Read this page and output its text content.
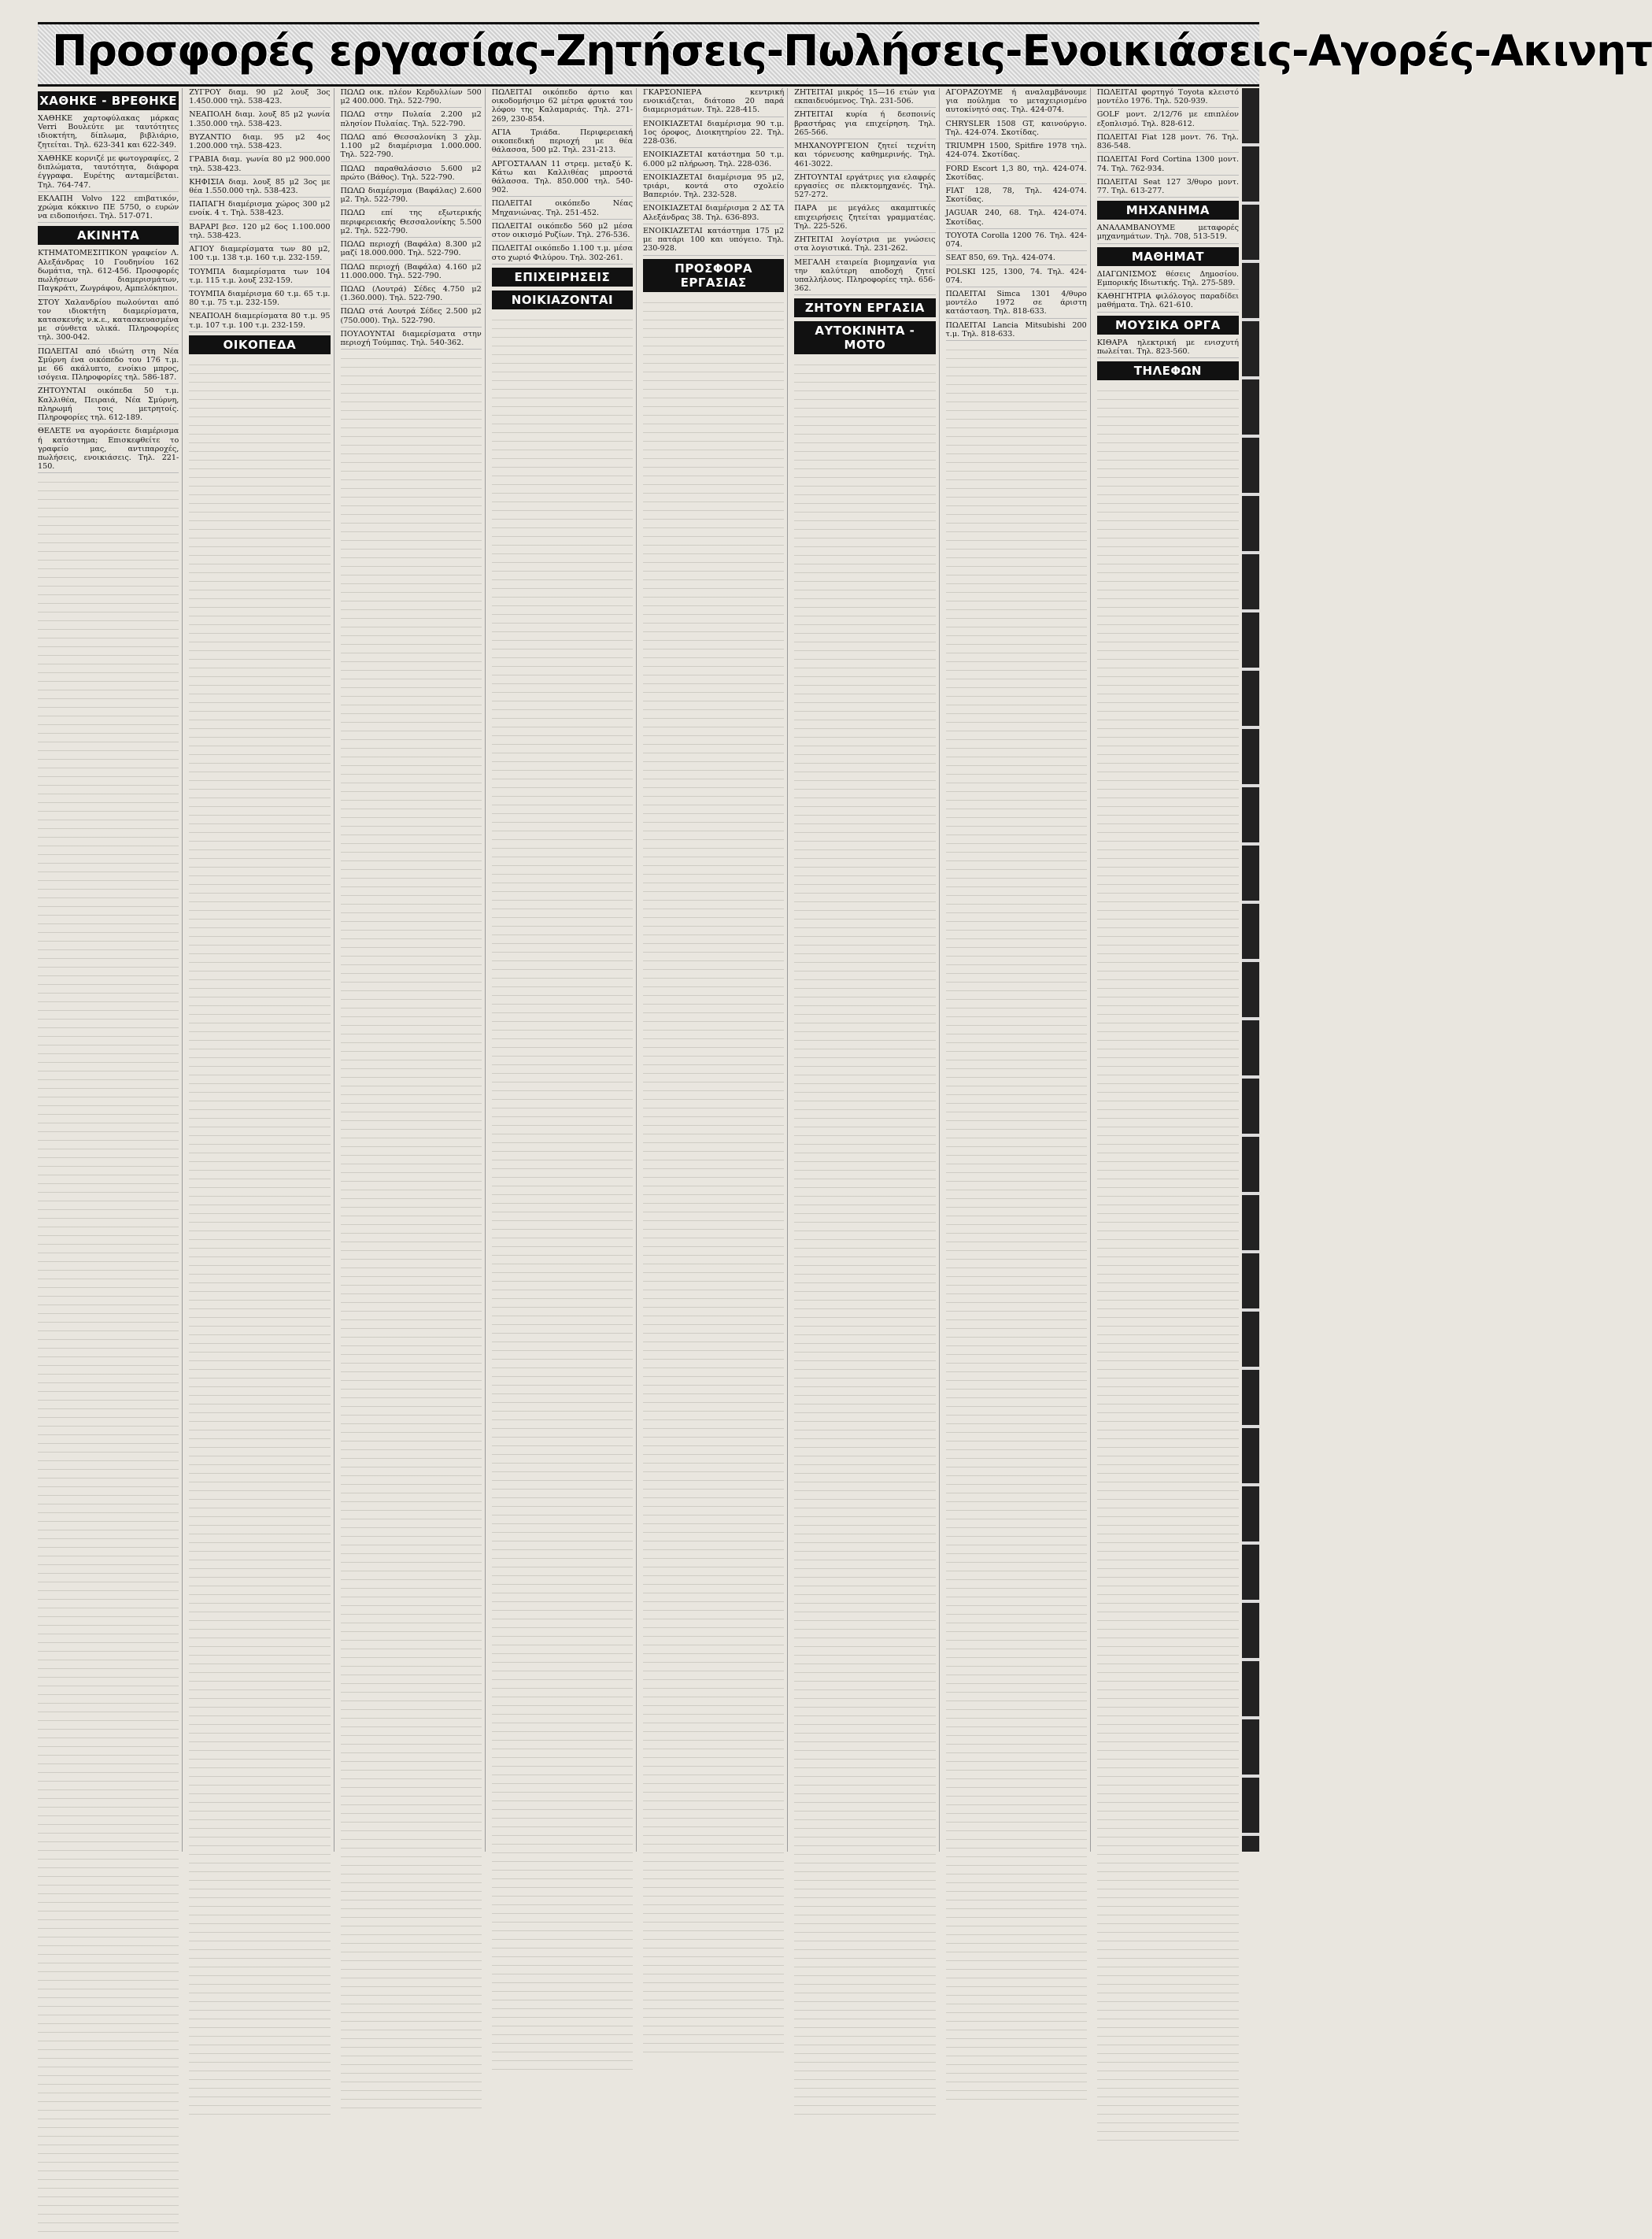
Προσφορές εργασίας-Ζητήσεις-Πωλήσεις-Ενοικιάσεις-Αγορές-Ακινητ
ΧΑΘΗΚΕ - ΒΡΕΘΗΚΕ

ΧΑΘΗΚΕ χαρτοφύλακας μάρκας Verri Βουλεύτε με ταυτότητες ιδιοκτήτη, δίπλωμα, βιβλιάριο, ζητείται. Τηλ. 623-341 και 622-349.

ΧΑΘΗΚΕ κορνιζέ με φωτογραφίες, 2 διπλώματα, ταυτότητα, διάφορα έγγραφα. Ευρέτης ανταμείβεται. Τηλ. 764-747.

ΕΚΛΑΠΗ Volvo 122 επιβατικόν, χρώμα κόκκινο ΠΕ 5750, ο ευρών να ειδοποιήσει. Τηλ. 517-071.

ΑΚΙΝΗΤΑ

ΚΤΗΜΑΤΟΜΕΣΙΤΙΚΟΝ γραφείον Λ. Αλεξάνδρας 10 Γουδηνίου 162 δωμάτια, τηλ. 612-456. Προσφορές πωλήσεων διαμερισμάτων, Παγκράτι, Ζωγράφου, Αμπελόκηποι.

ΣΤΟΥ Χαλανδρίου πωλούνται από τον ιδιοκτήτη διαμερίσματα, κατασκευής ν.κ.ε., κατασκευασμένα με σύνθετα υλικά. Πληροφορίες τηλ. 300-042.

ΠΩΛΕΙΤΑΙ από ιδιώτη στη Νέα Σμύρνη ένα οικόπεδο του 176 τ.μ. με 66 ακάλυπτο, ενοίκιο μπρος, ισόγεια. Πληροφορίες τηλ. 586-187.

ΖΗΤΟΥΝΤΑΙ οικόπεδα 50 τ.μ. Καλλιθέα, Πειραιά, Νέα Σμύρνη, πληρωμή τοις μετρητοίς. Πληροφορίες τηλ. 612-189.

ΘΕΛΕΤΕ να αγοράσετε διαμέρισμα ή κατάστημα; Επισκεφθείτε το γραφείο μας, αντιπαροχές, πωλήσεις, ενοικιάσεις. Τηλ. 221-150.

ΖΥΓΡΟΥ διαμ. 90 μ2 λουξ 3ος 1.450.000 τηλ. 538-423.

ΝΕΑΠΟΛΗ διαμ. λουξ 85 μ2 γωνία 1.350.000 τηλ. 538-423.

ΒΥΖΑΝΤΙΟ διαμ. 95 μ2 4ος 1.200.000 τηλ. 538-423.

ΓΡΑΒΙΑ διαμ. γωνία 80 μ2 900.000 τηλ. 538-423.

ΚΗΦΙΣΙΑ διαμ. λουξ 85 μ2 3ος με θέα 1.550.000 τηλ. 538-423.

ΠΑΠΑΓΗ διαμέρισμα χώρος 300 μ2 ενοίκ. 4 τ. Τηλ. 538-423.

ΒΑΡΑΡΙ βεσ. 120 μ2 6ος 1.100.000 τηλ. 538-423.

ΑΓΙΟΥ διαμερίσματα των 80 μ2, 100 τ.μ. 138 τ.μ. 160 τ.μ. 232-159.

ΤΟΥΜΠΑ διαμερίσματα των 104 τ.μ. 115 τ.μ. λουξ 232-159.

ΤΟΥΜΠΑ διαμέρισμα 60 τ.μ. 65 τ.μ. 80 τ.μ. 75 τ.μ. 232-159.

ΝΕΑΠΟΛΗ διαμερίσματα 80 τ.μ. 95 τ.μ. 107 τ.μ. 100 τ.μ. 232-159.

ΟΙΚΟΠΕΔΑ

ΠΩΛΩ οικ. πλέον Κερδυλλίων 500 μ2 400.000. Τηλ. 522-790.

ΠΩΛΩ στην Πυλαία 2.200 μ2 πλησίον Πυλαίας. Τηλ. 522-790.

ΠΩΛΩ από Θεσσαλονίκη 3 χλμ. 1.100 μ2 διαμέρισμα 1.000.000. Τηλ. 522-790.

ΠΩΛΩ παραθαλάσσιο 5.600 μ2 πρώτο (Βάθος). Τηλ. 522-790.

ΠΩΛΩ διαμέρισμα (Βαφάλας) 2.600 μ2. Τηλ. 522-790.

ΠΩΛΩ επί της εξωτερικής περιφερειακής Θεσσαλονίκης 5.500 μ2. Τηλ. 522-790.

ΠΩΛΩ περιοχή (Βαφάλα) 8.300 μ2 μαζί 18.000.000. Τηλ. 522-790.

ΠΩΛΩ περιοχή (Βαφάλα) 4.160 μ2 11.000.000. Τηλ. 522-790.

ΠΩΛΩ (Λουτρά) Σέδες 4.750 μ2 (1.360.000). Τηλ. 522-790.

ΠΩΛΩ στά Λουτρά Σέδες 2.500 μ2 (750.000). Τηλ. 522-790.

ΠΟΥΛΟΥΝΤΑΙ διαμερίσματα στην περιοχή Τούμπας. Τηλ. 540-362.

ΠΩΛΕΙΤΑΙ οικόπεδο άρτιο και οικοδομήσιμο 62 μέτρα φρυκτά του λόφου της Καλαμαριάς. Τηλ. 271-269, 230-854.

ΑΓΙΑ Τριάδα. Περιφερειακή οικοπεδική περιοχή με θέα θάλασσα, 500 μ2. Τηλ. 231-213.

ΑΡΓΟΣΤΑΛΑΝ 11 στρεμ. μεταξύ Κ. Κάτω και Καλλιθέας μπροστά θάλασσα. Τηλ. 850.000 τηλ. 540-902.

ΠΩΛΕΙΤΑΙ οικόπεδο Νέας Μηχανιώνας. Τηλ. 251-452.

ΠΩΛΕΙΤΑΙ οικόπεδο 560 μ2 μέσα στον οικισμό Ρυζίων. Τηλ. 276-536.

ΠΩΛΕΙΤΑΙ οικόπεδο 1.100 τ.μ. μέσα στο χωριό Φιλύρου. Τηλ. 302-261.

ΕΠΙΧΕΙΡΗΣΕΙΣ
ΝΟΙΚΙΑΖΟΝΤΑΙ

ΓΚΑΡΣΟΝΙΕΡΑ κεντρική ενοικιάζεται, διάτοπο 20 παρά διαμερισμάτων. Τηλ. 228-415.

ΕΝΟΙΚΙΑΖΕΤΑΙ διαμέρισμα 90 τ.μ. 1ος όροφος, Διοικητηρίου 22. Τηλ. 228-036.

ΕΝΟΙΚΙΑΖΕΤΑΙ κατάστημα 50 τ.μ. 6.000 μ2 πλήρωση. Τηλ. 228-036.

ΕΝΟΙΚΙΑΖΕΤΑΙ διαμέρισμα 95 μ2, τριάρι, κοντά στο σχολείο Βαπεριόν. Τηλ. 232-528.

ΕΝΟΙΚΙΑΖΕΤΑΙ διαμέρισμα 2 ΔΣ ΤΑ Αλεξάνδρας 38. Τηλ. 636-893.

ΕΝΟΙΚΙΑΖΕΤΑΙ κατάστημα 175 μ2 με πατάρι 100 και υπόγειο. Τηλ. 230-928.

ΠΡΟΣΦΟΡΑ ΕΡΓΑΣΙΑΣ

ΖΗΤΕΙΤΑΙ μικρός 15—16 ετών για εκπαιδευόμενος. Τηλ. 231-506.

ΖΗΤΕΙΤΑΙ κυρία ή δεσποινίς βραστήρας για επιχείρηση. Τηλ. 265-566.

ΜΗΧΑΝΟΥΡΓΕΙΟΝ ζητεί τεχνίτη και τόρνευσης καθημερινής. Τηλ. 461-3022.

ΖΗΤΟΥΝΤΑΙ εργάτριες για ελαφρές εργασίες σε πλεκτομηχανές. Τηλ. 527-272.

ΠΑΡΑ με μεγάλες ακαμπτικές επιχειρήσεις ζητείται γραμματέας. Τηλ. 225-526.

ΖΗΤΕΙΤΑΙ λογίστρια με γνώσεις στα λογιστικά. Τηλ. 231-262.

ΜΕΓΑΛΗ εταιρεία βιομηχανία για την καλύτερη αποδοχή ζητεί υπαλλήλους. Πληροφορίες τηλ. 656-362.

ΖΗΤΟΥΝ ΕΡΓΑΣΙΑ
ΑΥΤΟΚΙΝΗΤΑ - ΜΟΤΟ

ΑΓΟΡΑΖΟΥΜΕ ή αναλαμβάνουμε για πούλημα το μεταχειρισμένο αυτοκίνητό σας. Τηλ. 424-074.

CHRYSLER 1508 GT, καινούργιο. Τηλ. 424-074. Σκοτίδας.

TRIUMPH 1500, Spitfire 1978 τηλ. 424-074. Σκοτίδας.

FORD Escort 1,3 80, τηλ. 424-074. Σκοτίδας.

FIAT 128, 78, Τηλ. 424-074. Σκοτίδας.

JAGUAR 240, 68. Τηλ. 424-074. Σκοτίδας.

TOYOTA Corolla 1200 76. Τηλ. 424-074.

SEAT 850, 69. Τηλ. 424-074.

POLSKI 125, 1300, 74. Τηλ. 424-074.

ΠΩΛΕΙΤΑΙ Simca 1301 4/θυρο μοντέλο 1972 σε άριστη κατάσταση. Τηλ. 818-633.

ΠΩΛΕΙΤΑΙ Lancia Mitsubishi 200 τ.μ. Τηλ. 818-633.

ΠΩΛΕΙΤΑΙ φορτηγό Τοyota κλειστό μοντέλο 1976. Τηλ. 520-939.

GOLF μοντ. 2/12/76 με επιπλέον εξοπλισμό. Τηλ. 828-612.

ΠΩΛΕΙΤΑΙ Fiat 128 μοντ. 76. Τηλ. 836-548.

ΠΩΛΕΙΤΑΙ Ford Cortina 1300 μοντ. 74. Τηλ. 762-934.

ΠΩΛΕΙΤΑΙ Seat 127 3/θυρο μοντ. 77. Τηλ. 613-277.

ΜΗΧΑΝΗΜΑ

ΑΝΑΛΑΜΒΑΝΟΥΜΕ μεταφορές μηχανημάτων. Τηλ. 708, 513-519.

ΜΑΘΗΜΑΤ

ΔΙΑΓΩΝΙΣΜΟΣ θέσεις Δημοσίου. Εμπορικής Ιδιωτικής. Τηλ. 275-589.

ΚΑΘΗΓΗΤΡΙΑ φιλόλογος παραδίδει μαθήματα. Τηλ. 621-610.

ΜΟΥΣΙΚΑ ΟΡΓΑ

ΚΙΘΑΡΑ ηλεκτρική με ενισχυτή πωλείται. Τηλ. 823-560.

ΤΗΛΕΦΩΝ
